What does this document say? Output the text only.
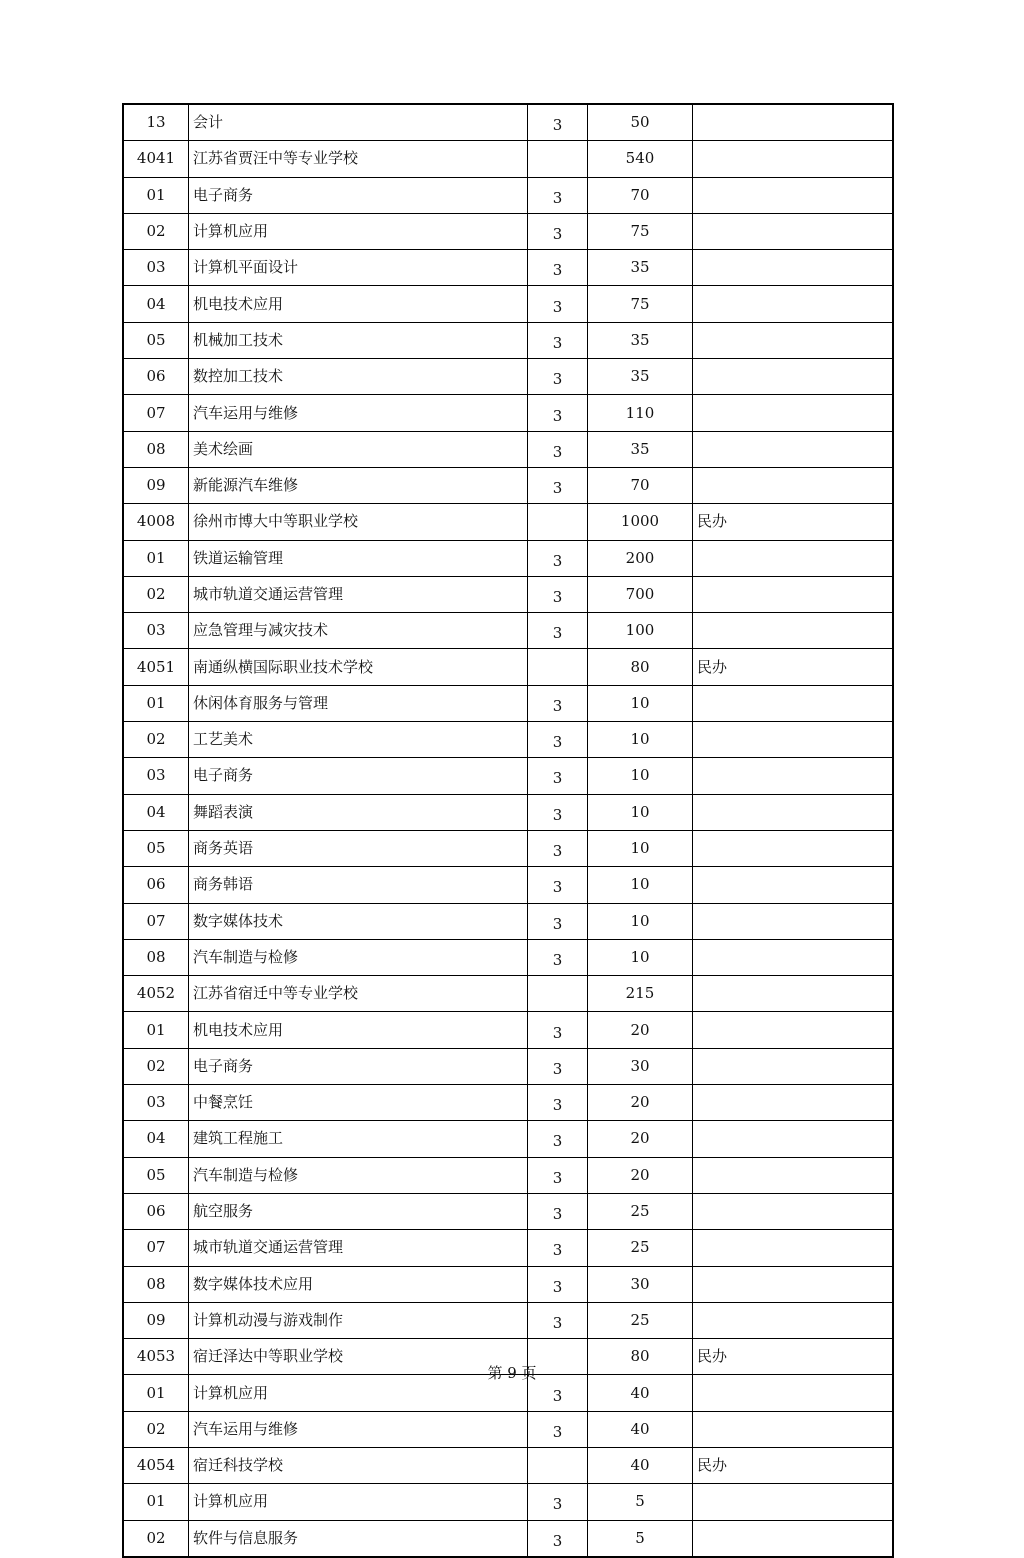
13	会计	3	50	
4041	江苏省贾汪中等专业学校		540	
01	电子商务	3	70	
02	计算机应用	3	75	
03	计算机平面设计	3	35	
04	机电技术应用	3	75	
05	机械加工技术	3	35	
06	数控加工技术	3	35	
07	汽车运用与维修	3	110	
08	美术绘画	3	35	
09	新能源汽车维修	3	70	
4008	徐州市博大中等职业学校		1000	民办
01	铁道运输管理	3	200	
02	城市轨道交通运营管理	3	700	
03	应急管理与减灾技术	3	100	
4051	南通纵横国际职业技术学校		80	民办
01	休闲体育服务与管理	3	10	
02	工艺美术	3	10	
03	电子商务	3	10	
04	舞蹈表演	3	10	
05	商务英语	3	10	
06	商务韩语	3	10	
07	数字媒体技术	3	10	
08	汽车制造与检修	3	10	
4052	江苏省宿迁中等专业学校		215	
01	机电技术应用	3	20	
02	电子商务	3	30	
03	中餐烹饪	3	20	
04	建筑工程施工	3	20	
05	汽车制造与检修	3	20	
06	航空服务	3	25	
07	城市轨道交通运营管理	3	25	
08	数字媒体技术应用	3	30	
09	计算机动漫与游戏制作	3	25	
4053	宿迁泽达中等职业学校		80	民办
01	计算机应用	3	40	
02	汽车运用与维修	3	40	
4054	宿迁科技学校		40	民办
01	计算机应用	3	5	
02	软件与信息服务	3	5	
第 9 页
